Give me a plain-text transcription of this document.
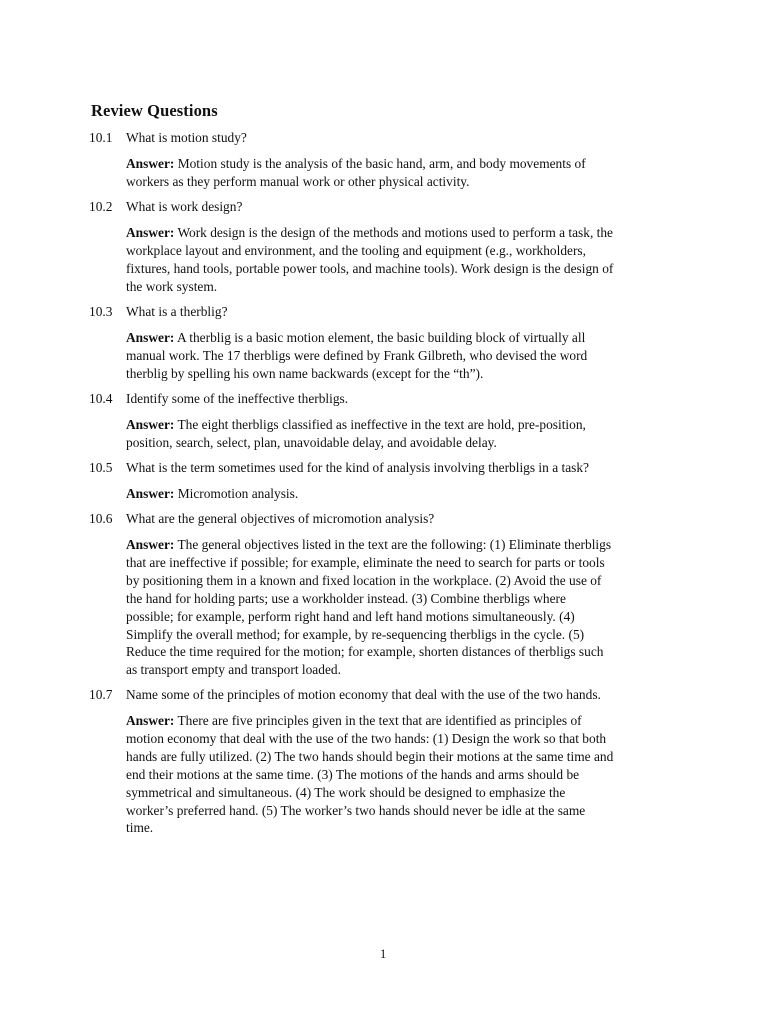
Review Questions
10.1 What is motion study?
Answer: Motion study is the analysis of the basic hand, arm, and body movements of
workers as they perform manual work or other physical activity.
10.2 What is work design?
Answer: Work design is the design of the methods and motions used to perform a task, the
workplace layout and environment, and the tooling and equipment (e.g., workholders,
fixtures, hand tools, portable power tools, and machine tools). Work design is the design of
the work system.
10.3 What is a therblig?
Answer: A therblig is a basic motion element, the basic building block of virtually all
manual work. The 17 therbligs were defined by Frank Gilbreth, who devised the word
therblig by spelling his own name backwards (except for the “th”).
10.4 Identify some of the ineffective therbligs.
Answer: The eight therbligs classified as ineffective in the text are hold, pre-position,
position, search, select, plan, unavoidable delay, and avoidable delay.
10.5 What is the term sometimes used for the kind of analysis involving therbligs in a task?
Answer: Micromotion analysis.
10.6 What are the general objectives of micromotion analysis?
Answer: The general objectives listed in the text are the following: (1) Eliminate therbligs
that are ineffective if possible; for example, eliminate the need to search for parts or tools
by positioning them in a known and fixed location in the workplace. (2) Avoid the use of
the hand for holding parts; use a workholder instead. (3) Combine therbligs where
possible; for example, perform right hand and left hand motions simultaneously. (4)
Simplify the overall method; for example, by re-sequencing therbligs in the cycle. (5)
Reduce the time required for the motion; for example, shorten distances of therbligs such
as transport empty and transport loaded.
10.7 Name some of the principles of motion economy that deal with the use of the two hands.
Answer: There are five principles given in the text that are identified as principles of
motion economy that deal with the use of the two hands: (1) Design the work so that both
hands are fully utilized. (2) The two hands should begin their motions at the same time and
end their motions at the same time. (3) The motions of the hands and arms should be
symmetrical and simultaneous. (4) The work should be designed to emphasize the
worker’s preferred hand. (5) The worker’s two hands should never be idle at the same
time.
1
